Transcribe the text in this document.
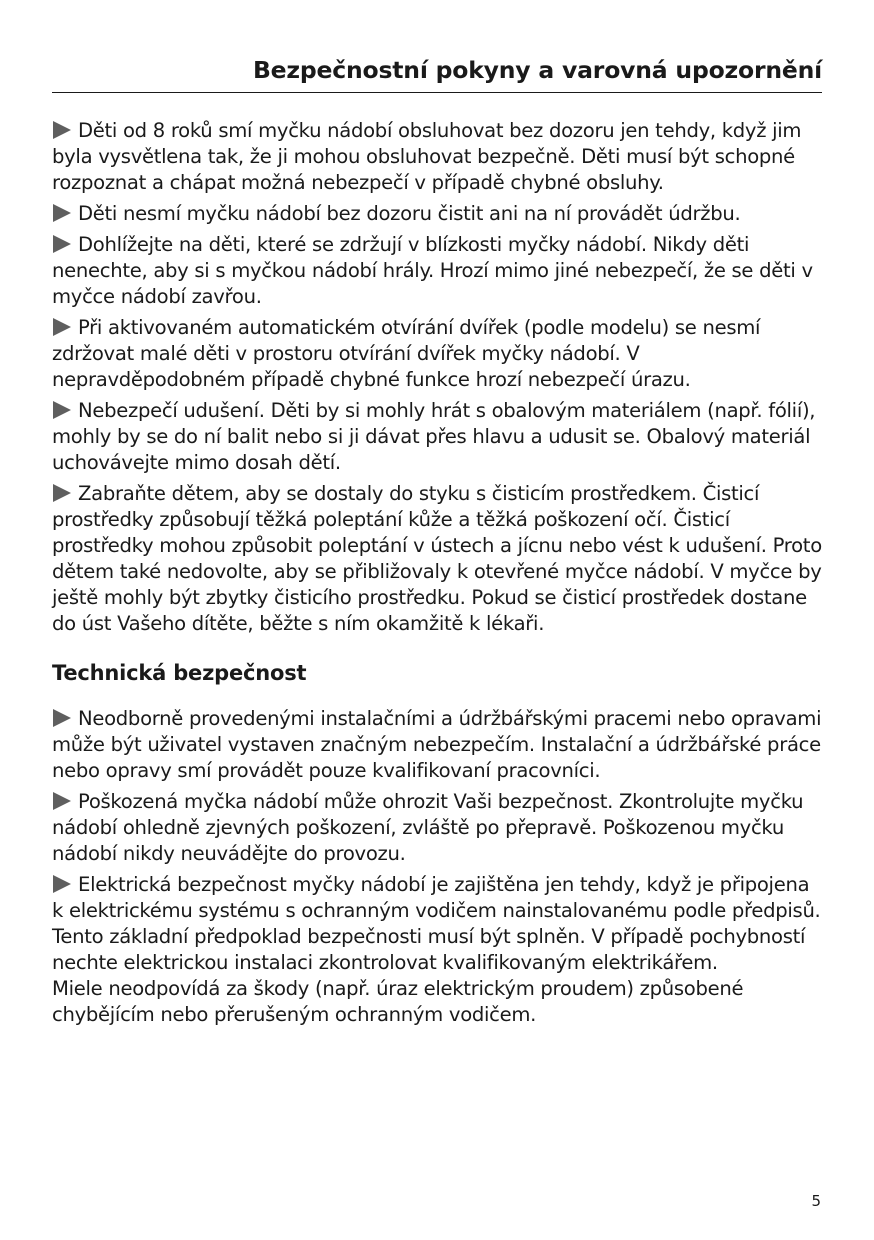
Bezpečnostní pokyny a varovná upozornění

Děti od 8 roků smí myčku nádobí obsluhovat bez dozoru jen tehdy, když jim byla vysvětlena tak, že ji mohou obsluhovat bezpečně. Děti musí být schopné rozpoznat a chápat možná nebezpečí v případě chybné obsluhy.

Děti nesmí myčku nádobí bez dozoru čistit ani na ní provádět údržbu.

Dohlížejte na děti, které se zdržují v blízkosti myčky nádobí. Nikdy děti nenechte, aby si s myčkou nádobí hrály. Hrozí mimo jiné nebezpečí, že se děti v myčce nádobí zavřou.

Při aktivovaném automatickém otvírání dvířek (podle modelu) se nesmí zdržovat malé děti v prostoru otvírání dvířek myčky nádobí. V nepravděpodobném případě chybné funkce hrozí nebezpečí úrazu.

Nebezpečí udušení. Děti by si mohly hrát s obalovým materiálem (např. fólií), mohly by se do ní balit nebo si ji dávat přes hlavu a udusit se. Obalový materiál uchovávejte mimo dosah dětí.

Zabraňte dětem, aby se dostaly do styku s čisticím prostředkem. Čisticí prostředky způsobují těžká poleptání kůže a těžká poškození očí. Čisticí prostředky mohou způsobit poleptání v ústech a jícnu nebo vést k udušení. Proto dětem také nedovolte, aby se přibližovaly k otevřené myčce nádobí. V myčce by ještě mohly být zbytky čisticího prostředku. Pokud se čisticí prostředek dostane do úst Vašeho dítěte, běžte s ním okamžitě k lékaři.

Technická bezpečnost

Neodborně provedenými instalačními a údržbářskými pracemi nebo opravami může být uživatel vystaven značným nebezpečím. Instalační a údržbářské práce nebo opravy smí provádět pouze kvalifikovaní pracovníci.

Poškozená myčka nádobí může ohrozit Vaši bezpečnost. Zkontrolujte myčku nádobí ohledně zjevných poškození, zvláště po přepravě. Poškozenou myčku nádobí nikdy neuvádějte do provozu.

Elektrická bezpečnost myčky nádobí je zajištěna jen tehdy, když je připojena k elektrickému systému s ochranným vodičem nainstalovanému podle předpisů. Tento základní předpoklad bezpečnosti musí být splněn. V případě pochybností nechte elektrickou instalaci zkontrolovat kvalifikovaným elektrikářem.

Miele neodpovídá za škody (např. úraz elektrickým proudem) způsobené chybějícím nebo přerušeným ochranným vodičem.

5
